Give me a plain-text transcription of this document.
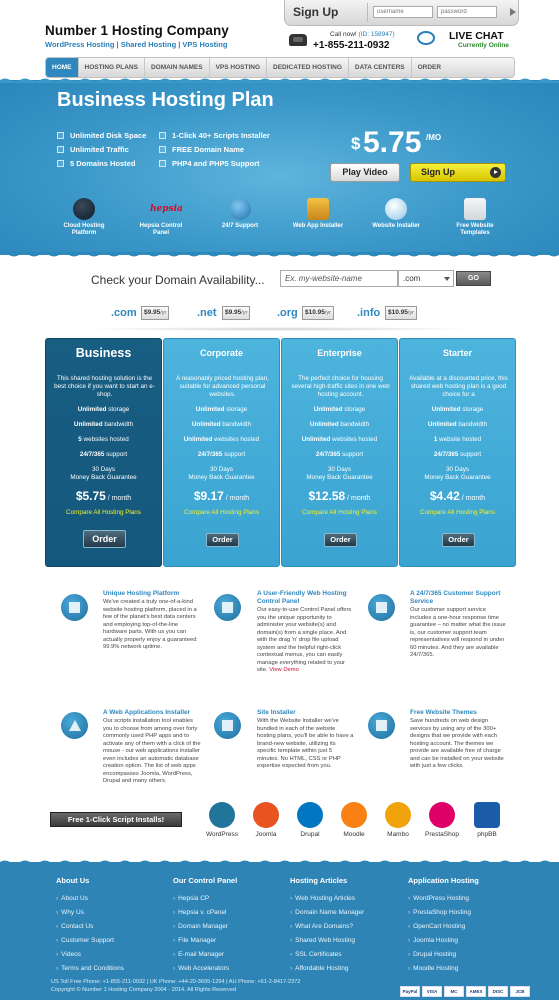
Number 1 Hosting Company
WordPress Hosting | Shared Hosting | VPS Hosting
Sign Up
username
Call now! (ID: 158947)
+1-855-211-0932
LIVE CHAT
Currently Online
HOME	HOSTING PLANS	DOMAIN NAMES	VPS HOSTING	DEDICATED HOSTING	DATA CENTERS	ORDER
Business Hosting Plan
Unlimited Disk Space
Unlimited Traffic
5 Domains Hosted
1-Click 40+ Scripts Installer
FREE Domain Name
PHP4 and PHP5 Support
$ 5.75 /MO
Play Video	Sign Up
Cloud Hosting Platform
hepsia
Hepsia Control Panel
24/7 Support	Web App Installer	Website Installer	Free Website Templates
Check your Domain Availability...	Ex. my-website-name	.com	GO
.com	$9.95/yr	.net	$9.95/yr	.org	$10.95/yr .info	$10.95/yr
Business
This shared hosting solution is the best choice if you want to start an e-shop.
Unlimited storage
Unlimited bandwidth
5 websites hosted
24/7/365 support
30 Days
Money Back Guarantee
$5.75 / month
Compare All Hosting Plans
Order
Corporate
A reasonably priced hosting plan, suitable for advanced personal websites.
Unlimited storage
Unlimited bandwidth
Unlimited websites hosted
24/7/365 support
30 Days
Money Back Guarantee
$9.17 / month
Compare All Hosting Plans
Order
Enterprise
The perfect choice for housing several high-traffic sites in one web hosting account.
Unlimited storage
Unlimited bandwidth
Unlimited websites hosted
24/7/365 support
30 Days
Money Back Guarantee
$12.58 / month
Compare All Hosting Plans
Order
Starter
Available at a discounted price, this shared web hosting plan is a good choice for a
Unlimited storage
Unlimited bandwidth
1 website hosted
24/7/365 support
30 Days
Money Back Guarantee
$4.42 / month
Compare All Hosting Plans
Order
Unique Hosting Platform
We've created a truly one-of-a-kind website hosting platform, placed in a few of the planet's best data centers and employing top-of-the-line hardware parts. With us you can actually properly enjoy a guaranteed 99.9% network uptime.
A User-Friendly Web Hosting Control Panel
Our easy-to-use Control Panel offers you the unique opportunity to administer your website(s) and domain(s) from a single place. And with the drag 'n' drop file upload system and the helpful right-click contextual menus, you can easily manage everything related to your site. View Demo
A 24/7/365 Customer Support Service
Our customer support service includes a one-hour response time guarantee – no matter what the issue is, our customer support team representatives will respond in under 60 minutes. And they are available 24/7/365.
A Web Applications Installer
Our scripts installation tool enables you to choose from among over forty commonly used PHP apps and to activate any of them with a click of the mouse - our web applications installer even includes an automatic database creation option. The list of web apps encompasses Joomla, WordPress, Drupal and many others.
Site Installer
With the Website Installer we've bundled in each of the website hosting plans, you'll be able to have a brand-new website, utilizing its specific template within just 5 minutes. No HTML, CSS or PHP expertise expected from you.
Free Website Themes
Save hundreds on web design services by using any of the 300+ designs that we provide with each hosting account. The themes we provide are available free of charge and can be installed on your website with just a few clicks.
Free 1-Click Script Installs!
WordPress	Joomla	Drupal	Moodle	Mambo	PrestaShop	phpBB
About Us
› About Us
› Why Us
› Contact Us
› Customer Support
› Videos
› Terms and Conditions
Our Control Panel
› Hepsia CP
› Hepsia v. cPanel
› Domain Manager
› File Manager
› E-mail Manager
› Web Accelerators
Hosting Articles
› Web Hosting Articles
› Domain Name Manager
› What Are Domains?
› Shared Web Hosting
› SSL Certificates
› Affordable Hosting
Application Hosting
› WordPress Hosting
› PrestaShop Hosting
› OpenCart Hosting
› Joomla Hosting
› Drupal Hosting
› Moodle Hosting
US Toll Free Phone: +1-855-211-0932 | UK Phone: +44-20-3695-1294 | AU Phone: +61-2-8417-2372
Copyright © Number 1 Hosting Company 2004 - 2014. All Rights Reserved	PayPal	VISA	MC	AMEX	DISC	JCB
